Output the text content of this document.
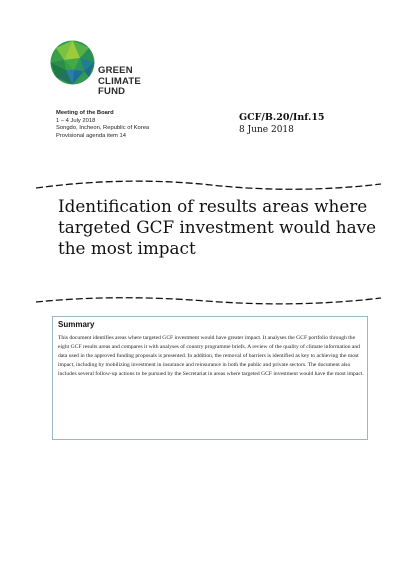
GREEN
CLIMATE
FUND
Meeting of the Board
1 – 4 July 2018
Songdo, Incheon, Republic of Korea
Provisional agenda item 14
GCF/B.20/Inf.15
8 June 2018
Identification of results areas where
targeted GCF investment would have
the most impact
Summary
This document identifies areas where targeted GCF investment would have greater impact. It analyses the GCF portfolio through the eight GCF results areas and compares it with analyses of country programme briefs. A review of the quality of climate information and data used in the approved funding proposals is presented. In addition, the removal of barriers is identified as key to achieving the most impact, including by mobilizing investment in insurance and reinsurance in both the public and private sectors. The document also includes several follow-up actions to be pursued by the Secretariat in areas where targeted GCF investment would have the most impact.
